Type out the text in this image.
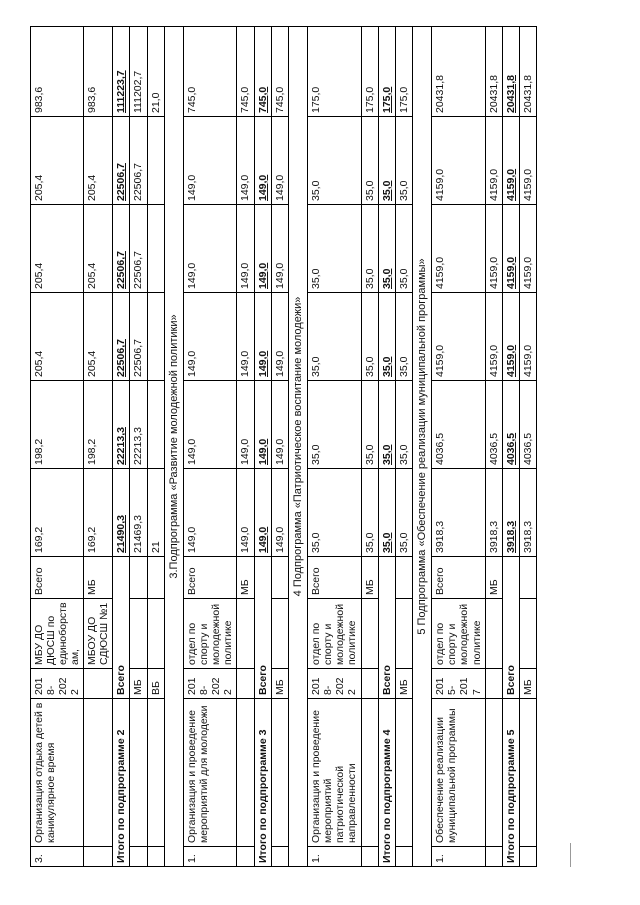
3.	Организация отдыха детей в каникулярное время	2018-2022	МБУ ДО ДЮСШ по единоборствам,	Всего	169,2	198,2	205,4	205,4	205,4	983,6
			МБОУ ДО СДЮСШ №1	МБ	169,2	198,2	205,4	205,4	205,4	983,6
Итого по подпрограмме 2		Всего			21490,3	22213,3	22506,7	22506,7	22506,7	111223,7
		МБ			21469,3	22213,3	22506,7	22506,7	22506,7	111202,7
		ВБ			21					21,0
3.Подпрограмма «Развитие молодежной политики»										
1.	Организация и проведение мероприятий для молодежи	2018-2022	отдел по спорту и молодежной политике	Всего	149,0	149,0	149,0	149,0	149,0	745,0
				МБ	149,0	149,0	149,0	149,0	149,0	745,0
Итого по подпрограмме 3		Всего			149,0	149,0	149,0	149,0	149,0	745,0
		МБ			149,0	149,0	149,0	149,0	149,0	745,0
4 Подпрограмма «Патриотическое воспитание молодежи»										
1.	Организация и проведение мероприятий патриотической направленности	2018-2022	отдел по спорту и молодежной политике	Всего	35,0	35,0	35,0	35,0	35,0	175,0
				МБ	35,0	35,0	35,0	35,0	35,0	175,0
Итого по подпрограмме 4		Всего			35,0	35,0	35,0	35,0	35,0	175,0
		МБ			35,0	35,0	35,0	35,0	35,0	175,0
5 Подпрограмма «Обеспечение реализации муниципальной программы»										
1.	Обеспечение реализации муниципальной программы	2015-2017	отдел по спорту и молодежной политике	Всего	3918,3	4036,5	4159,0	4159,0	4159,0	20431,8
				МБ	3918,3	4036,5	4159,0	4159,0	4159,0	20431,8
Итого по подпрограмме 5		Всего			3918,3	4036,5	4159,0	4159,0	4159,0	20431,8
		МБ			3918,3	4036,5	4159,0	4159,0	4159,0	20431,8
